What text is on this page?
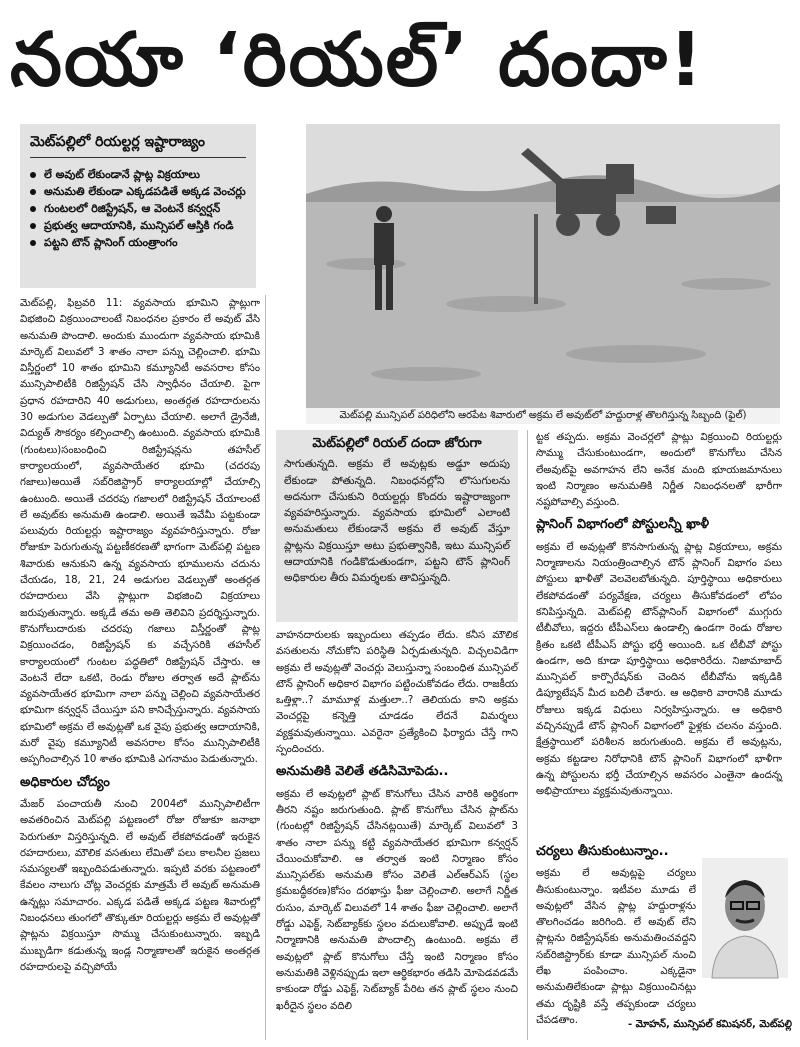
నయా ‘రియల్’ దందా!
మెట్‌పల్లిలో రియల్టర్ల ఇష్టారాజ్యం
లే అవుట్ లేకుండానే ప్లాట్ల విక్రయాలు
అనుమతి లేకుండా ఎక్కడపడితే అక్కడ వెంచర్లు
గుంటలలో రిజిస్ట్రేషన్, ఆ వెంటనే కన్వర్షన్
ప్రభుత్వ ఆదాయానికి, మున్సిపల్ ఆస్తికి గండి
పట్టని టౌన్ ప్లానింగ్ యంత్రాంగం
మెట్‌పల్లి మున్సిపల్ పరిధిలోని ఆరపేట శివారులో అక్రమ లే అవుట్‌లో హద్దురాళ్ల తొలగిస్తున్న సిబ్బంది (ఫైల్)

మెట్‌పల్లి, ఫిబ్రవరి 11: వ్యవసాయ భూమిని ప్లాట్లుగా విభజించి విక్రయించాలంటే నిబంధనల ప్రకారం లే అవుట్ వేసి అనుమతి పొందాలి. అందుకు ముందుగా వ్యవసాయ భూమికి మార్కెట్ విలువలో 3 శాతం నాలా పన్ను చెల్లించాలి. భూమి విస్తీర్ణంలో 10 శాతం భూమిని కమ్యూనిటీ అవసరాల కోసం మున్సిపాలిటీకి రిజిస్ట్రేషన్ చేసి స్వాధీనం చేయాలి. పైగా ప్రధాన రహదారిని 40 అడుగులు, అంతర్గత రహదారులను 30 అడుగుల వెడల్పుతో ఏర్పాటు చేయాలి. అలాగే డ్రైనేజీ, విద్యుత్ సౌకర్యం కల్పించాల్సి ఉంటుంది. వ్యవసాయ భూమికి (గుంటలు)సంబంధించి రిజిస్ట్రేషన్లను తహసీల్ కార్యాలయంలో, వ్యవసాయేతర భూమి (చదరపు గజాలు)అయితే సబ్‌రిజిస్ట్రార్ కార్యాలయాల్లో చేయాల్సి ఉంటుంది. అయితే చదరపు గజాలలో రిజిస్ట్రేషన్ చేయాలంటే లే అవుట్‌కు అనుమతి ఉండాలి. అయితే ఇవేమీ పట్టకుండా పలువురు రియల్టర్లు ఇష్టారాజ్యం వ్యవహరిస్తున్నారు. రోజు రోజుకూ పెరుగుతున్న పట్టణీకరణతో భాగంగా మెట్‌పల్లి పట్టణ శివారుకు ఆనుకుని ఉన్న వ్యవసాయ భూములను చదును చేయడం, 18, 21, 24 అడుగుల వెడల్పుతో అంతర్గత రహదారులు వేసి ప్లాట్లుగా విభజించి విక్రయాలు జరుపుతున్నారు. అక్కడే తమ అతి తెలివిని ప్రదర్శిస్తున్నారు. కొనుగోలుదారుకు చదరపు గజాలు విస్తీర్ణంతో ప్లాట్ల విక్రయించడం, రిజిస్ట్రేషన్ కు వచ్చేసరికి తహసీల్ కార్యాలయంలో గుంటల పద్ధతిలో రిజిస్ట్రేషన్ చేస్తారు. ఆ వెంటనే లేదా ఒకటి, రెండు రోజుల తర్వాత అదే ప్లాట్‌ను వ్యవసాయేతర భూమిగా నాలా పన్ను చెల్లించి వ్యవసాయేతర భూమిగా కన్వర్షన్ చేయిస్తూ పని కానిచ్చేస్తున్నారు. వ్యవసాయ భూమిలో అక్రమ లే అవుట్లతో ఒక వైపు ప్రభుత్వ ఆదాయానికి, మరో వైపు కమ్యూనిటీ అవసరాల కోసం మున్సిపాలిటీకి అప్పగించాల్సిన 10 శాతం భూమికి ఎగనామం పెడుతున్నారు.

అధికారుల చోద్యం

మేజర్ పంచాయతీ నుంచి 2004లో మున్సిపాలిటీగా అవతరించిన మెట్‌పల్లి పట్టణంలో రోజు రోజుకూ జనాభా పెరుగుతూ విస్తరిస్తున్నది. లే అవుట్ లేకపోవడంతో ఇరుకైన రహదారులు, మౌలిక వసతులు లేమితో పలు కాలనీల ప్రజలు సమస్యలతో ఇబ్బందిపడుతున్నారు. ఇప్పటి వరకు పట్టణంలో కేవలం నాలుగు చోట్ల వెంచర్లకు మాత్రమే లే అవుట్ అనుమతి ఉన్నట్లు సమాచారం. ఎక్కడ పడితే అక్కడ పట్టణ శివారుల్లో నిబంధనలు తుంగలో తొక్కుతూ రియల్టర్లు అక్రమ లే అవుట్లతో ప్లాట్లను విక్రయిస్తూ సొమ్ము చేసుకుంటున్నారు. ఇబ్బడి ముబ్బడిగా కడుతున్న ఇండ్ల నిర్మాణాలతో ఇరుకైన అంతర్గత రహదారులపై వచ్చిపోయే

మెట్‌పల్లిలో రియల్ దందా జోరుగా
సాగుతున్నది. అక్రమ లే అవుట్లకు అడ్డూ అదుపు లేకుండా పోతున్నది. నిబంధనల్లోని లొసుగులను అదనుగా చేసుకుని రియల్టర్లు కొందరు ఇష్టారాజ్యంగా వ్యవహరిస్తున్నారు. వ్యవసాయ భూమిలో ఎలాంటి అనుమతులు లేకుండానే అక్రమ లే అవుట్ వేస్తూ ప్లాట్లను విక్రయిస్తూ అటు ప్రభుత్వానికి, ఇటు మున్సిపల్ ఆదాయానికి గండికొడుతుండగా, పట్టని టౌన్ ప్లానింగ్ అధికారుల తీరు విమర్శలకు తావిస్తున్నది.

వాహనదారులకు ఇబ్బందులు తప్పడం లేదు. కనీస మౌలిక వసతులను నోచుకోని పరిస్థితి ఏర్పడుతున్నది. విచ్చలవిడిగా అక్రమ లే అవుట్లతో వెంచర్లు వెలుస్తున్నా సంబంధిత మున్సిపల్ టౌన్ ప్లానింగ్ అధికార విభాగం పట్టించుకోవడం లేదు. రాజకీయ ఒత్తిళ్లా..? మామూళ్ల మత్తులా..? తెలియదు కాని అక్రమ వెంచర్లపై కన్నెత్తి చూడడం లేదనే విమర్శలు వ్యక్తమవుతున్నాయి. ఎవరైనా ప్రత్యేకించి ఫిర్యాదు చేస్తే గాని స్పందించరు.

అనుమతికి వెలితే తడిసిమోపెడు..

అక్రమ లే అవుట్లలో ప్లాట్ కొనుగోలు చేసిన వారికి అర్థికంగా తీరని నష్టం జరుగుతుంది. ప్లాట్ కొనుగోలు చేసిన ప్లాట్‌ను (గుంటల్లో రిజిస్ట్రేషన్ చేసినట్లయితే) మార్కెట్ విలువలో 3 శాతం నాలా పన్ను కట్టి వ్యవసాయేతర భూమిగా కన్వర్షన్ చేయించుకోవాలి. ఆ తర్వాత ఇంటి నిర్మాణం కోసం మున్సిపల్‌కు అనుమతి కోసం వెలితే ఎల్ఆర్ఎస్ (స్థల క్రమబద్ధీకరణ)కోసం దరఖాస్తు ఫీజు చెల్లించాలి. అలాగే నిర్ణీత రుసుం, మార్కెట్ విలువలో 14 శాతం ఫీజు చెల్లించాలి. అలాగే రోడ్డు ఎఫెక్ట్, సెట్‌బ్యాక్‌కు స్థలం వదులుకోవాలి. అప్పుడే ఇంటి నిర్మాణానికి అనుమతి పొందాల్సి ఉంటుంది. అక్రమ లే అవుట్లలో ప్లాట్ కొనుగోలు చేస్తే ఇంటి నిర్మాణం కోసం అనుమతికి వెళ్లినప్పుడు ఇలా ఆర్థికభారం తడిసి మోపెడవడమే కాకుండా రోడ్డు ఎఫెక్ట్, సెట్‌బ్యాక్ పేరిట తన ప్లాట్ స్థలం నుంచి ఖరీదైన స్థలం వదిలి

ట్టక తప్పదు. అక్రమ వెంచర్లలో ప్లాట్లు విక్రయించి రియల్టర్లు సొమ్ము చేసుకుంటుండగా, అందులో కొనుగోలు చేసిన లేఅవుట్‌పై అవగాహన లేని అనేక మంది భూయజమానులు ఇంటి నిర్మాణం అనుమతికి నిర్ణీత నిబంధనలతో భారీగా నష్టపోవాల్సి వస్తుంది.

ప్లానింగ్ విభాగంలో పోస్టులన్నీ ఖాళీ

అక్రమ లే అవుట్లతో కొనసాగుతున్న ప్లాట్ల విక్రయాలు, అక్రమ నిర్మాణాలను నియంత్రించాల్సిన టౌన్ ప్లానింగ్ విభాగం పలు పోస్టులు ఖాళీతో వెలవెలబోతున్నది. పూర్తిస్థాయి అధికారులు లేకపోవడంతో పర్యవేక్షణ, చర్యలు తీసుకోవడంలో లోపం కనిపిస్తున్నది. మెట్‌పల్లి టౌన్‌ప్లానింగ్ విభాగంలో ముగ్గురు టీబీవోలు, ఇద్దరు టీపీఎస్‌లు ఉండాల్సి ఉండగా రెండు రోజుల క్రితం ఒకటి టీపీఎస్ పోస్టు భర్తీ అయింది. ఒక టీబీవో పోస్టు ఉండగా, అది కూడా పూర్తిస్థాయి అధికారిరేదు. నిజామాబాద్ మున్సిపల్ కార్పొరేషన్‌కు చెందిన టీబీవోను ఇక్కడికి డిప్యూటేషన్ మీద బదిలీ చేశారు. ఆ అధికారి వారానికి మూడు రోజులు ఇక్కడ విధులు నిర్వహిస్తున్నారు. ఆ అధికారి వచ్చినప్పుడే టౌన్ ప్లానింగ్ విభాగంలో ఫైళ్లకు చలనం వస్తుంది. క్షేత్రస్థాయిలో పరిశీలన జరుగుతుంది. అక్రమ లే అవుట్లను, అక్రమ కట్టడాల నిరోధానికి టౌన్ ప్లానింగ్ విభాగంలో భాళీగా ఉన్న పోస్టులను భర్తీ చేయాల్సిన అవసరం ఎంతైనా ఉందన్న అభిప్రాయాలు వ్యక్తమవుతున్నాయి.

చర్యలు తీసుకుంటున్నాం..

అక్రమ లే అవుట్లపై చర్యలు తీసుకుంటున్నాం. ఇటీవల మూడు లే అవుట్లలో వేసిన ప్లాట్ల హద్దురాళ్లను తొలగించడం జరిగింది. లే అవుట్ లేని ప్లాట్లను రిజిస్ట్రేషన్‌కు అనుమతించవద్దని సబ్‌రిజిస్ట్రార్‌కు కూడా మున్సిపల్ నుంచి లేఖ పంపించాం. ఎక్కడైనా అనుమతిలేకుండా ప్లాట్లు విక్రయించినట్లు తమ దృష్టికి వస్తే తప్పకుండా చర్యలు చేపడతాం.	- మోహన్, మున్సిపల్ కమిషనర్, మెట్‌పల్లి
